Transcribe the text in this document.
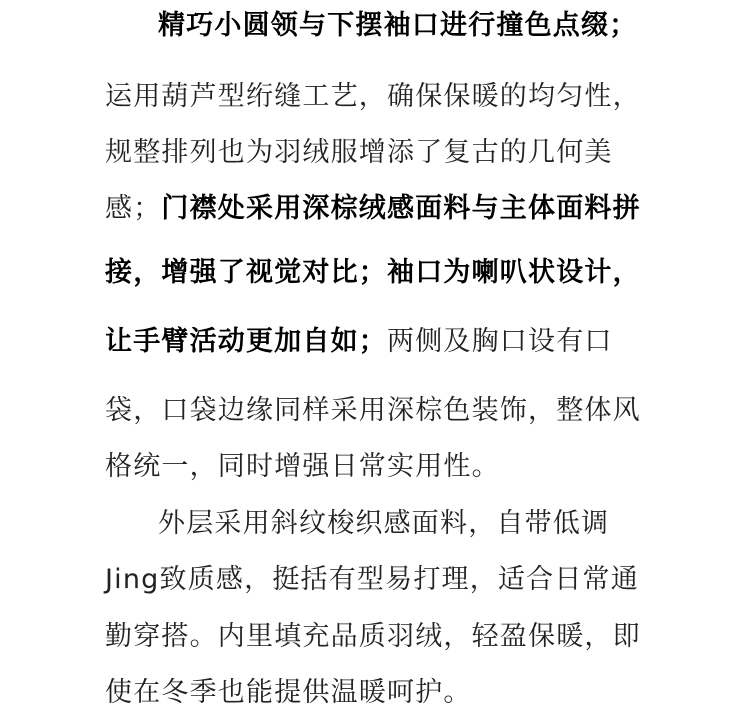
精巧小圆领与下摆袖口进行撞色点缀；
运用葫芦型绗缝工艺，确保保暖的均匀性，
规整排列也为羽绒服增添了复古的几何美
感；门襟处采用深棕绒感面料与主体面料拼
接，增强了视觉对比；袖口为喇叭状设计，
让手臂活动更加自如；两侧及胸口设有口
袋，口袋边缘同样采用深棕色装饰，整体风
格统一，同时增强日常实用性。
外层采用斜纹梭织感面料，自带低调
Jing致质感，挺括有型易打理，适合日常通
勤穿搭。内里填充品质羽绒，轻盈保暖，即
使在冬季也能提供温暖呵护。
